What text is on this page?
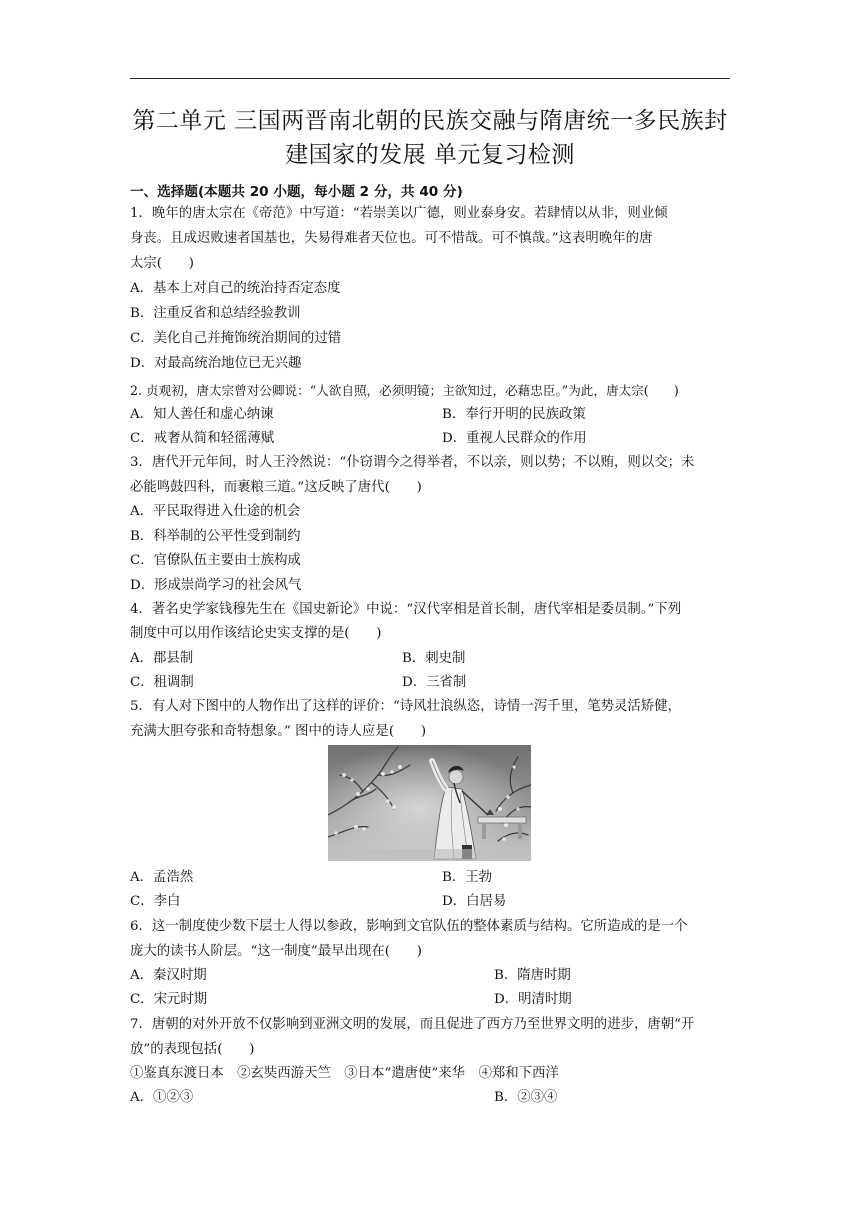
第二单元 三国两晋南北朝的民族交融与隋唐统一多民族封
建国家的发展 单元复习检测
一、选择题(本题共 20 小题，每小题 2 分，共 40 分)
1．晚年的唐太宗在《帝范》中写道：“若崇美以广德，则业泰身安。若肆情以从非，则业倾
身丧。且成迟败速者国基也，失易得难者天位也。可不惜哉。可不慎哉。”这表明晚年的唐
太宗(　　)
A．基本上对自己的统治持否定态度
B．注重反省和总结经验教训
C．美化自己并掩饰统治期间的过错
D．对最高统治地位已无兴趣
2. 贞观初，唐太宗曾对公卿说：“人欲自照，必须明镜；主欲知过，必藉忠臣。”为此，唐太宗(　　)
A．知人善任和虚心纳谏	B．奉行开明的民族政策
C．戒奢从简和轻徭薄赋	D．重视人民群众的作用
3．唐代开元年间，时人王泠然说：“仆窃谓今之得举者，不以亲，则以势；不以贿，则以交；未
必能鸣鼓四科，而裹粮三道。”这反映了唐代(　　)
A．平民取得进入仕途的机会
B．科举制的公平性受到制约
C．官僚队伍主要由士族构成
D．形成崇尚学习的社会风气
4．著名史学家钱穆先生在《国史新论》中说：“汉代宰相是首长制，唐代宰相是委员制。”下列
制度中可以用作该结论史实支撑的是(　　)
A．郡县制	B．刺史制
C．租调制	D．三省制
5．有人对下图中的人物作出了这样的评价：“诗风壮浪纵恣，诗情一泻千里，笔势灵活矫健，
充满大胆夸张和奇特想象。” 图中的诗人应是(　　)
A．孟浩然	B．王勃
C．李白	D．白居易
6．这一制度使少数下层士人得以参政，影响到文官队伍的整体素质与结构。它所造成的是一个
庞大的读书人阶层。“这一制度”最早出现在(　　)
A．秦汉时期	B．隋唐时期
C．宋元时期	D．明清时期
7．唐朝的对外开放不仅影响到亚洲文明的发展，而且促进了西方乃至世界文明的进步，唐朝“开
放”的表现包括(　　)
①鉴真东渡日本　②玄奘西游天竺　③日本“遣唐使”来华　④郑和下西洋
A．①②③	B．②③④
